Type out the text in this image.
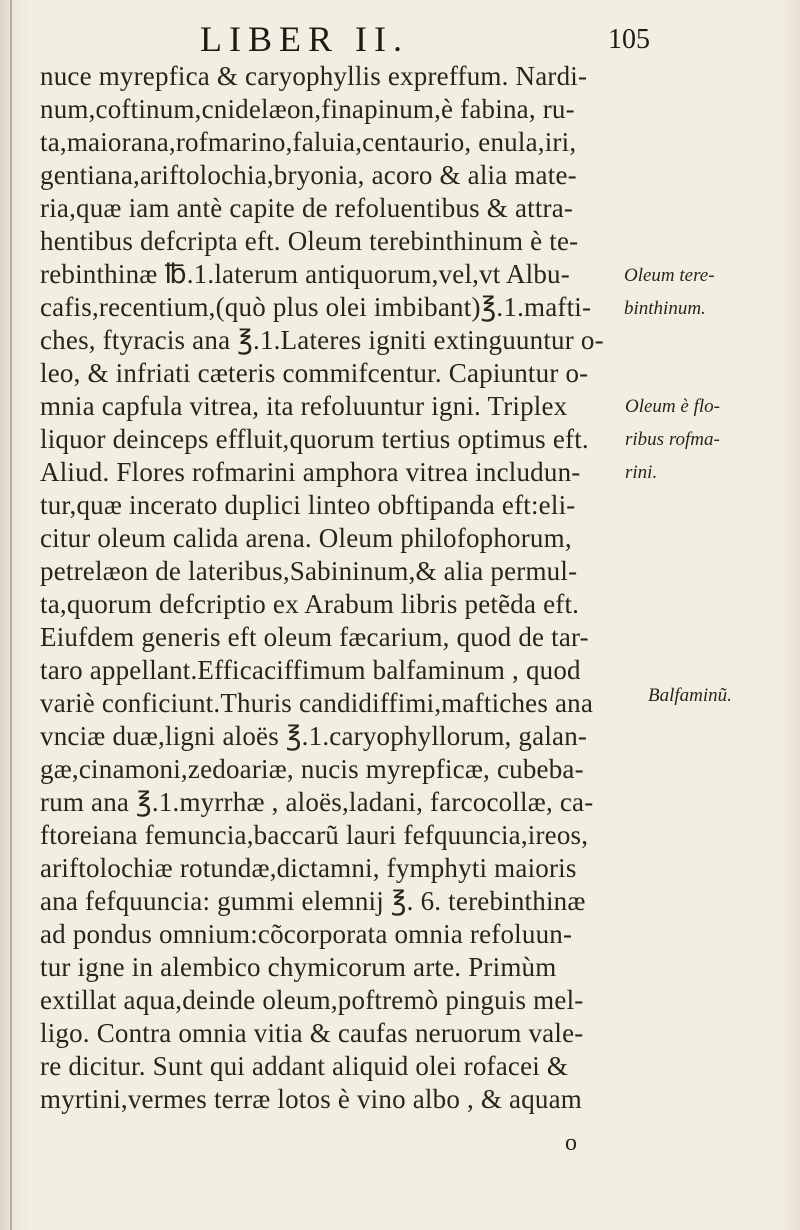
LIBER II.	105
nuce myrepfica & caryophyllis expreffum. Nardi-
num,coftinum,cnidelæon,finapinum,è fabina, ru-
ta,maiorana,rofmarino,faluia,centaurio, enula,iri,
gentiana,ariftolochia,bryonia, acoro & alia mate-
ria,quæ iam antè capite de refoluentibus & attra-
hentibus defcripta eft. Oleum terebinthinum è te-
rebinthinæ ℔.1.laterum antiquorum,vel,vt Albu-
cafis,recentium,(quò plus olei imbibant)℥.1.mafti-
ches, ftyracis ana ℥.1.Lateres igniti extinguuntur o-
leo, & infriati cæteris commifcentur. Capiuntur o-
mnia capfula vitrea, ita refoluuntur igni. Triplex
liquor deinceps effluit,quorum tertius optimus eft.
Aliud. Flores rofmarini amphora vitrea includun-
tur,quæ incerato duplici linteo obftipanda eft:eli-
citur oleum calida arena. Oleum philofophorum,
petrelæon de lateribus,Sabininum,& alia permul-
ta,quorum defcriptio ex Arabum libris petẽda eft.
Eiufdem generis eft oleum fæcarium, quod de tar-
taro appellant.Efficaciffimum balfaminum , quod
variè conficiunt.Thuris candidiffimi,maftiches ana
vnciæ duæ,ligni aloës ℥.1.caryophyllorum, galan-
gæ,cinamoni,zedoariæ, nucis myrepficæ, cubeba-
rum ana ℥.1.myrrhæ , aloës,ladani, farcocollæ, ca-
ftoreiana femuncia,baccarũ lauri fefquuncia,ireos,
ariftolochiæ rotundæ,dictamni, fymphyti maioris
ana fefquuncia: gummi elemnij ℥. 6. terebinthinæ
ad pondus omnium:cõcorporata omnia refoluun-
tur igne in alembico chymicorum arte. Primùm
extillat aqua,deinde oleum,poftremò pinguis mel-
ligo. Contra omnia vitia & caufas neruorum vale-
re dicitur. Sunt qui addant aliquid olei rofacei &
myrtini,vermes terræ lotos è vino albo , & aquam
Oleum tere-
binthinum.
Oleum è flo-
ribus rofma-
rini.
Balfaminũ.
o
